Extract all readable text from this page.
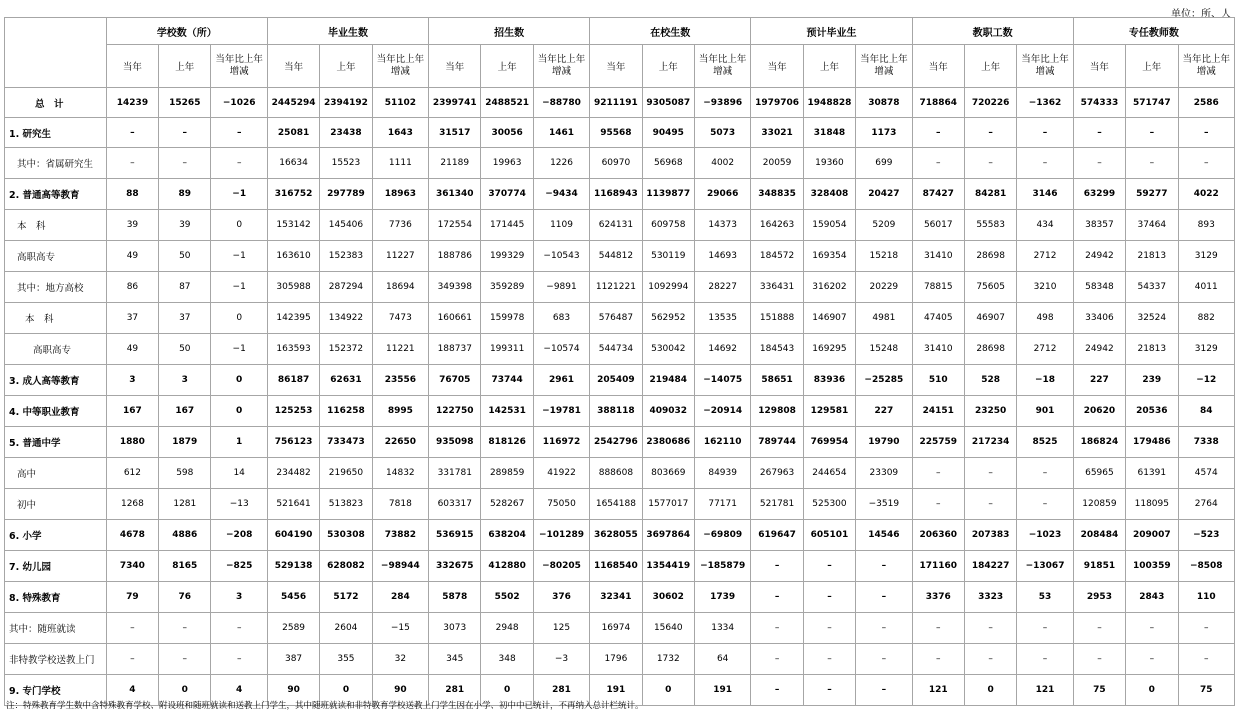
单位：所、人
	学校数（所）			毕业生数			招生数			在校生数			预计毕业生			教职工数			专任教师数		
	当年	上年	当年比上年增减	当年	上年	当年比上年增减	当年	上年	当年比上年增减	当年	上年	当年比上年增减	当年	上年	当年比上年增减	当年	上年	当年比上年增减	当年	上年	当年比上年增减
总　计	14239	15265	−1026	2445294	2394192	51102	2399741	2488521	−88780	9211191	9305087	−93896	1979706	1948828	30878	718864	720226	−1362	574333	571747	2586
1. 研究生	–	–	–	25081	23438	1643	31517	30056	1461	95568	90495	5073	33021	31848	1173	–	–	–	–	–	–
其中：省属研究生	–	–	–	16634	15523	1111	21189	19963	1226	60970	56968	4002	20059	19360	699	–	–	–	–	–	–
2. 普通高等教育	88	89	−1	316752	297789	18963	361340	370774	−9434	1168943	1139877	29066	348835	328408	20427	87427	84281	3146	63299	59277	4022
本　科	39	39	0	153142	145406	7736	172554	171445	1109	624131	609758	14373	164263	159054	5209	56017	55583	434	38357	37464	893
高职高专	49	50	−1	163610	152383	11227	188786	199329	−10543	544812	530119	14693	184572	169354	15218	31410	28698	2712	24942	21813	3129
其中：地方高校	86	87	−1	305988	287294	18694	349398	359289	−9891	1121221	1092994	28227	336431	316202	20229	78815	75605	3210	58348	54337	4011
本　科	37	37	0	142395	134922	7473	160661	159978	683	576487	562952	13535	151888	146907	4981	47405	46907	498	33406	32524	882
高职高专	49	50	−1	163593	152372	11221	188737	199311	−10574	544734	530042	14692	184543	169295	15248	31410	28698	2712	24942	21813	3129
3. 成人高等教育	3	3	0	86187	62631	23556	76705	73744	2961	205409	219484	−14075	58651	83936	−25285	510	528	−18	227	239	−12
4. 中等职业教育	167	167	0	125253	116258	8995	122750	142531	−19781	388118	409032	−20914	129808	129581	227	24151	23250	901	20620	20536	84
5. 普通中学	1880	1879	1	756123	733473	22650	935098	818126	116972	2542796	2380686	162110	789744	769954	19790	225759	217234	8525	186824	179486	7338
高中	612	598	14	234482	219650	14832	331781	289859	41922	888608	803669	84939	267963	244654	23309	–	–	–	65965	61391	4574
初中	1268	1281	−13	521641	513823	7818	603317	528267	75050	1654188	1577017	77171	521781	525300	−3519	–	–	–	120859	118095	2764
6. 小学	4678	4886	−208	604190	530308	73882	536915	638204	−101289	3628055	3697864	−69809	619647	605101	14546	206360	207383	−1023	208484	209007	−523
7. 幼儿园	7340	8165	−825	529138	628082	−98944	332675	412880	−80205	1168540	1354419	−185879	–	–	–	171160	184227	−13067	91851	100359	−8508
8. 特殊教育	79	76	3	5456	5172	284	5878	5502	376	32341	30602	1739	–	–	–	3376	3323	53	2953	2843	110
其中：随班就读	–	–	–	2589	2604	−15	3073	2948	125	16974	15640	1334	–	–	–	–	–	–	–	–	–
非特教学校送教上门	–	–	–	387	355	32	345	348	−3	1796	1732	64	–	–	–	–	–	–	–	–	–
9. 专门学校	4	0	4	90	0	90	281	0	281	191	0	191	–	–	–	121	0	121	75	0	75
注：特殊教育学生数中含特殊教育学校、附设班和随班就读和送教上门学生，其中随班就读和非特教育学校送教上门学生因在小学、初中中已统计，不再纳入总计栏统计。
